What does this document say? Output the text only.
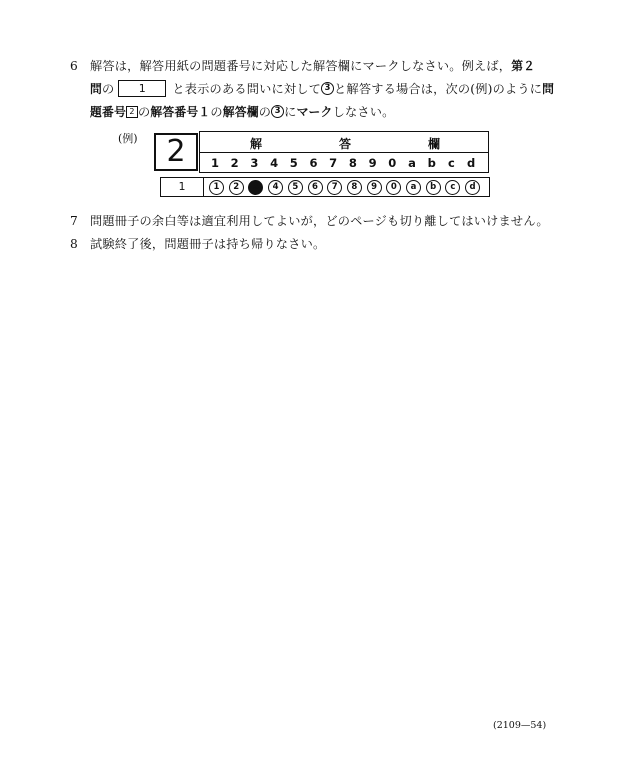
6 解答は，解答用紙の問題番号に対応した解答欄にマークしなさい。例えば，第２
問の 1 と表示のある問いに対して 3 と解答する場合は，次の(例)のように問
題番号 2 の解答番号１の解答欄の 3 にマークしなさい。
(例) 2	解	答	欄
1	2	3	4	5	6	7	8	9	0	a	b	c	d
1	1	2	3	4	5	6	7	8	9	0	a	b	c	d
7 問題冊子の余白等は適宜利用してよいが，どのページも切り離してはいけません。
8 試験終了後，問題冊子は持ち帰りなさい。
(2109—54)
